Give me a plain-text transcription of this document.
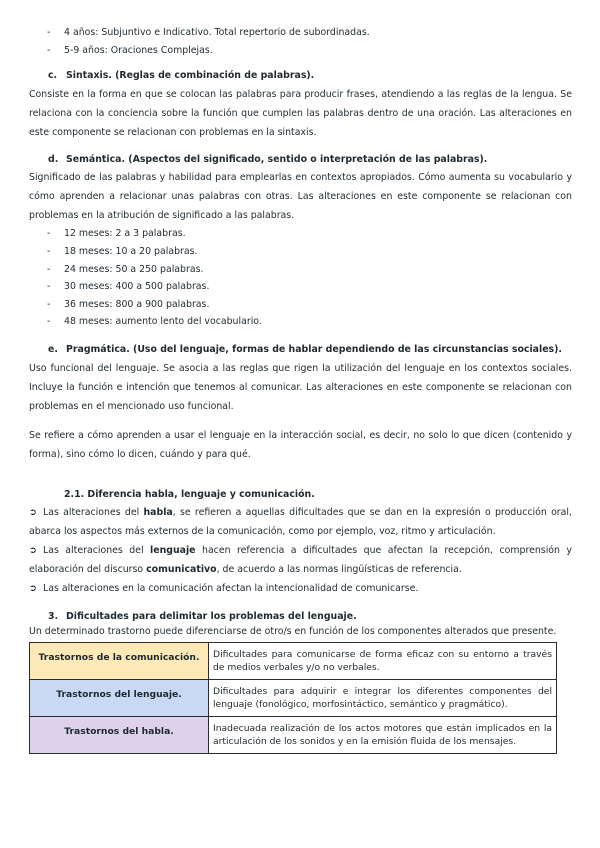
- 4 años: Subjuntivo e Indicativo. Total repertorio de subordinadas.
- 5-9 años: Oraciones Complejas.
c. Sintaxis. (Reglas de combinación de palabras).

Consiste en la forma en que se colocan las palabras para producir frases, atendiendo a las reglas de la lengua. Se relaciona con la conciencia sobre la función que cumplen las palabras dentro de una oración. Las alteraciones en este componente se relacionan con problemas en la sintaxis.

d. Semántica. (Aspectos del significado, sentido o interpretación de las palabras).

Significado de las palabras y habilidad para emplearlas en contextos apropiados. Cómo aumenta su vocabulario y cómo aprenden a relacionar unas palabras con otras. Las alteraciones en este componente se relacionan con problemas en la atribución de significado a las palabras.

- 12 meses: 2 a 3 palabras.
- 18 meses: 10 a 20 palabras.
- 24 meses: 50 a 250 palabras.
- 30 meses: 400 a 500 palabras.
- 36 meses: 800 a 900 palabras.
- 48 meses: aumento lento del vocabulario.
e. Pragmática. (Uso del lenguaje, formas de hablar dependiendo de las circunstancias sociales).

Uso funcional del lenguaje. Se asocia a las reglas que rigen la utilización del lenguaje en los contextos sociales. Incluye la función e intención que tenemos al comunicar. Las alteraciones en este componente se relacionan con problemas en el mencionado uso funcional.

Se refiere a cómo aprenden a usar el lenguaje en la interacción social, es decir, no solo lo que dicen (contenido y forma), sino cómo lo dicen, cuándo y para qué.

2.1. Diferencia habla, lenguaje y comunicación.
➲ Las alteraciones del habla, se refieren a aquellas dificultades que se dan en la expresión o producción oral, abarca los aspectos más externos de la comunicación, como por ejemplo, voz, ritmo y articulación.
➲ Las alteraciones del lenguaje hacen referencia a dificultades que afectan la recepción, comprensión y elaboración del discurso comunicativo, de acuerdo a las normas lingüísticas de referencia.
➲ Las alteraciones en la comunicación afectan la intencionalidad de comunicarse.
3. Dificultades para delimitar los problemas del lenguaje.

Un determinado trastorno puede diferenciarse de otro/s en función de los componentes alterados que presente.

Trastornos de la comunicación.	Dificultades para comunicarse de forma eficaz con su entorno a través de medios verbales y/o no verbales.
Trastornos del lenguaje.	Dificultades para adquirir e integrar los diferentes componentes del lenguaje (fonológico, morfosintáctico, semántico y pragmático).
Trastornos del habla.	Inadecuada realización de los actos motores que están implicados en la articulación de los sonidos y en la emisión fluida de los mensajes.
